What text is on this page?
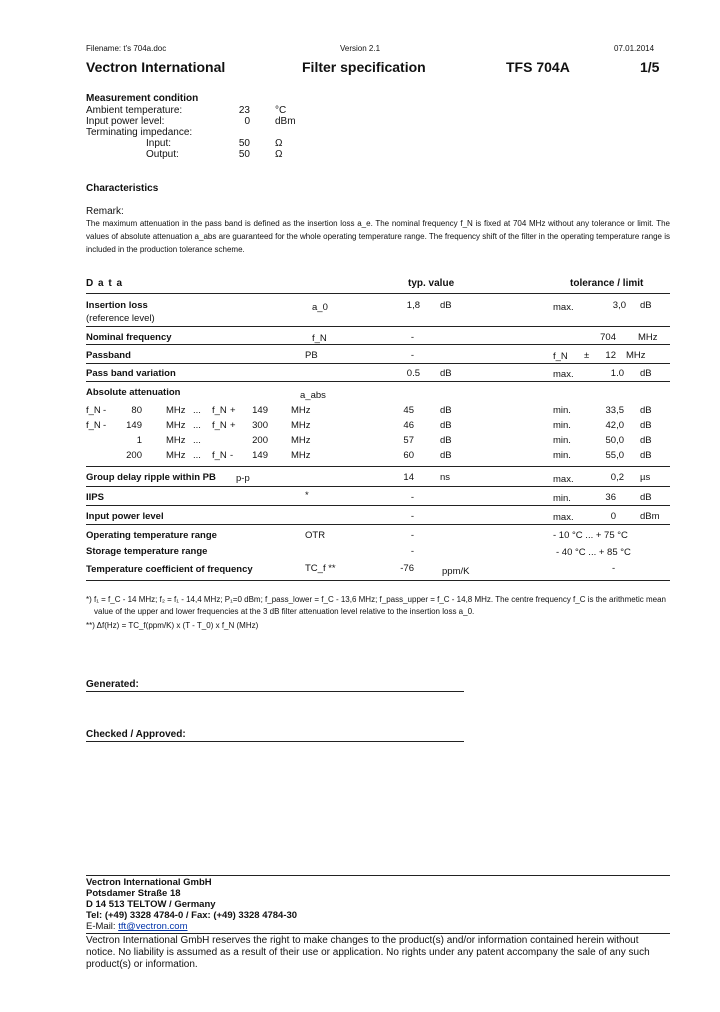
Filename: t's 704a.doc	Version 2.1	07.01.2014
Vectron International	Filter specification	TFS 704A	1/5
Measurement condition
Ambient temperature:	23	°C
Input power level:	0	dBm
Terminating impedance:
Input:	50	Ω
Output:	50	Ω
Characteristics
Remark:
The maximum attenuation in the pass band is defined as the insertion loss a_e. The nominal frequency f_N is fixed at 704 MHz without any tolerance or limit. The values of absolute attenuation a_abs are guaranteed for the whole operating temperature range. The frequency shift of the filter in the operating temperature range is included in the production tolerance scheme.
D a t a	typ. value	tolerance / limit
Insertion loss
(reference level)
a_0	1,8 dB	max.	3,0 dB
Nominal frequency	f_N	-	704 MHz
Passband	PB	-	f_N ±	12 MHz
Pass band variation	0.5 dB	max.	1.0 dB
Absolute attenuation	a_abs
f_N -	80	MHz ...	f_N +	149 MHz	45	dB	min.	33,5 dB
f_N -	149	MHz ...	f_N +	300 MHz	46	dB	min.	42,0 dB
1	MHz ...	200 MHz	57	dB	min.	50,0 dB
200	MHz ...	f_N -	149 MHz	60	dB	min.	55,0 dB
Group delay ripple within PB p-p	14	ns	max.	0,2 µs
IIPS	*	-	min.	36	dB
Input power level	-	max.	0	dBm
Operating temperature range	OTR	-	- 10 °C ... + 75 °C
Storage temperature range	-	- 40 °C ... + 85 °C
Temperature coefficient of frequency	TC_f **	-76	ppm/K	-
*) f₁ = f_C - 14 MHz; f₂ = f₁ - 14,4 MHz; P₁=0 dBm; f_pass_lower = f_C - 13,6 MHz; f_pass_upper = f_C - 14,8 MHz. The centre frequency f_C is the arithmetic mean
value of the upper and lower frequencies at the 3 dB filter attenuation level relative to the insertion loss a_0.
**) Δf(Hz) = TC_f(ppm/K) x (T - T_0) x f_N (MHz)
Generated:
Checked / Approved:
Vectron International GmbH
Potsdamer Straße 18
D 14 513 TELTOW / Germany
Tel: (+49) 3328 4784-0 / Fax: (+49) 3328 4784-30
E-Mail: tft@vectron.com
Vectron International GmbH reserves the right to make changes to the product(s) and/or information contained herein without notice. No liability is assumed as a result of their use or application. No rights under any patent accompany the sale of any such product(s) or information.
